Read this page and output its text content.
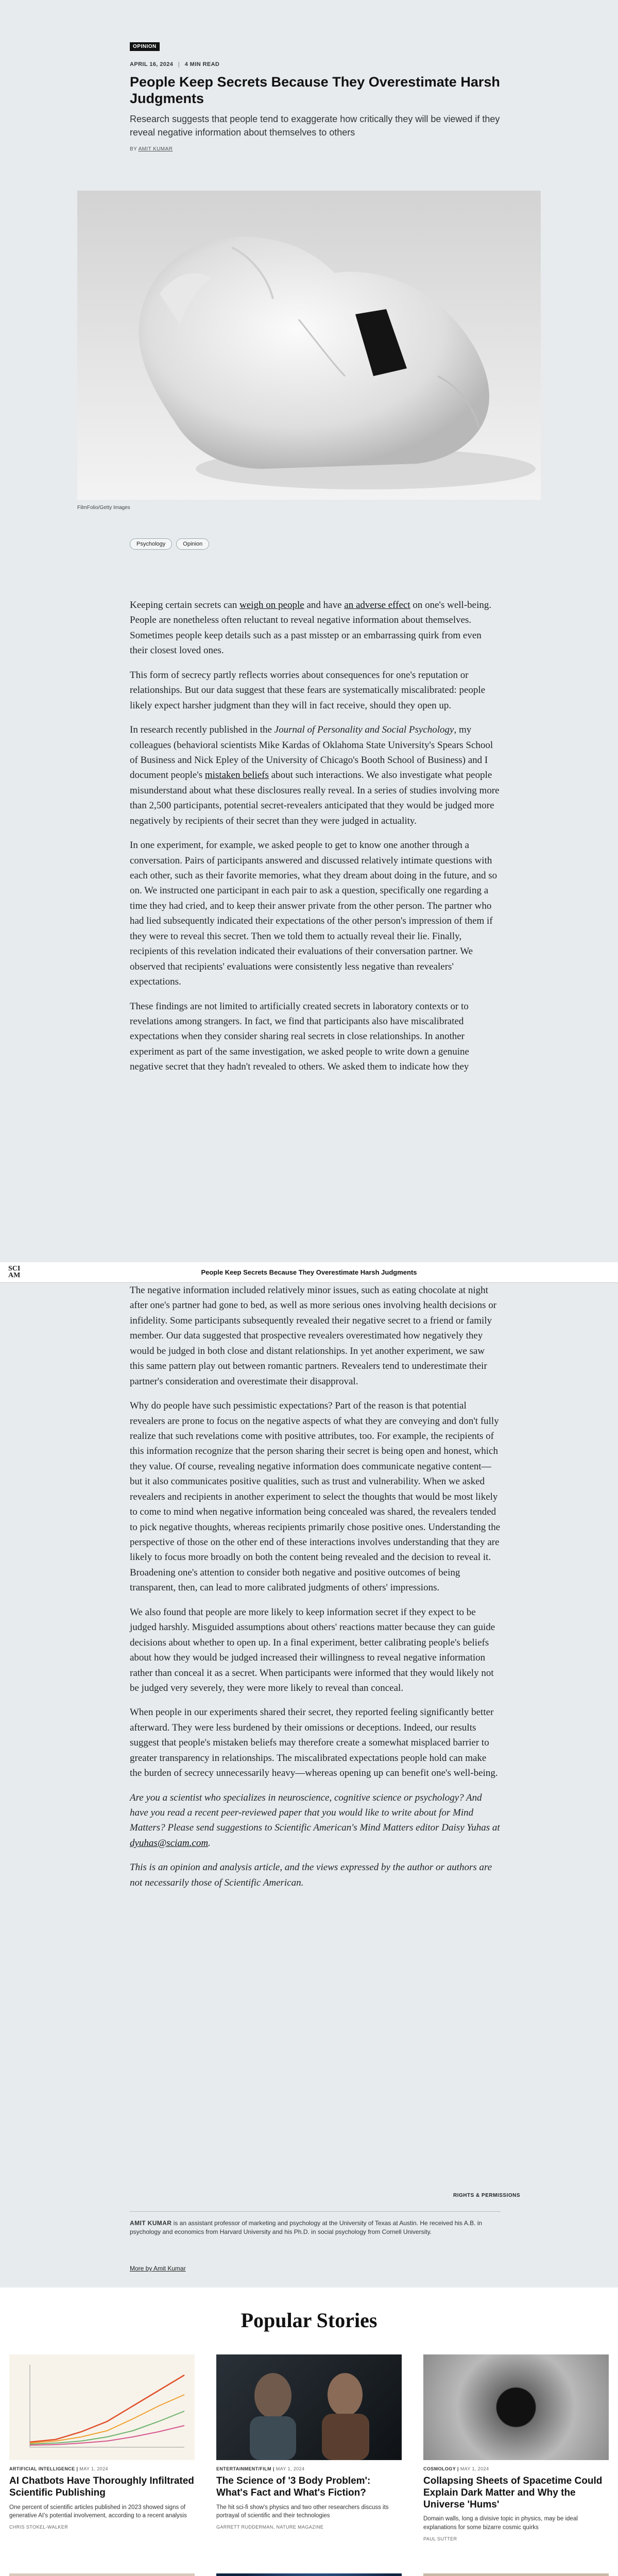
OPINION
APRIL 16, 2024 | 4 MIN READ
People Keep Secrets Because They Overestimate Harsh Judgments
Research suggests that people tend to exaggerate how critically they will be viewed if they reveal negative information about themselves to others
BY AMIT KUMAR
FilmFolio/Getty Images
Psychology	Opinion

Keeping certain secrets can weigh on people and have an adverse effect on one's well-being. People are nonetheless often reluctant to reveal negative information about themselves. Sometimes people keep details such as a past misstep or an embarrassing quirk from even their closest loved ones.

This form of secrecy partly reflects worries about consequences for one's reputation or relationships. But our data suggest that these fears are systematically miscalibrated: people likely expect harsher judgment than they will in fact receive, should they open up.

In research recently published in the Journal of Personality and Social Psychology, my colleagues (behavioral scientists Mike Kardas of Oklahoma State University's Spears School of Business and Nick Epley of the University of Chicago's Booth School of Business) and I document people's mistaken beliefs about such interactions. We also investigate what people misunderstand about what these disclosures really reveal. In a series of studies involving more than 2,500 participants, potential secret-revealers anticipated that they would be judged more negatively by recipients of their secret than they were judged in actuality.

In one experiment, for example, we asked people to get to know one another through a conversation. Pairs of participants answered and discussed relatively intimate questions with each other, such as their favorite memories, what they dream about doing in the future, and so on. We instructed one participant in each pair to ask a question, specifically one regarding a time they had cried, and to keep their answer private from the other person. The partner who had lied subsequently indicated their expectations of the other person's impression of them if they were to reveal this secret. Then we told them to actually reveal their lie. Finally, recipients of this revelation indicated their evaluations of their conversation partner. We observed that recipients' evaluations were consistently less negative than revealers' expectations.

These findings are not limited to artificially created secrets in laboratory contexts or to revelations among strangers. In fact, we find that participants also have miscalibrated expectations when they consider sharing real secrets in close relationships. In another experiment as part of the same investigation, we asked people to write down a genuine negative secret that they hadn't revealed to others. We asked them to indicate how they

SCI AM	People Keep Secrets Because They Overestimate Harsh Judgments

The negative information included relatively minor issues, such as eating chocolate at night after one's partner had gone to bed, as well as more serious ones involving health decisions or infidelity. Some participants subsequently revealed their negative secret to a friend or family member. Our data suggested that prospective revealers overestimated how negatively they would be judged in both close and distant relationships. In yet another experiment, we saw this same pattern play out between romantic partners. Revealers tend to underestimate their partner's consideration and overestimate their disapproval.

Why do people have such pessimistic expectations? Part of the reason is that potential revealers are prone to focus on the negative aspects of what they are conveying and don't fully realize that such revelations come with positive attributes, too. For example, the recipients of this information recognize that the person sharing their secret is being open and honest, which they value. Of course, revealing negative information does communicate negative content—but it also communicates positive qualities, such as trust and vulnerability. When we asked revealers and recipients in another experiment to select the thoughts that would be most likely to come to mind when negative information being concealed was shared, the revealers tended to pick negative thoughts, whereas recipients primarily chose positive ones. Understanding the perspective of those on the other end of these interactions involves understanding that they are likely to focus more broadly on both the content being revealed and the decision to reveal it. Broadening one's attention to consider both negative and positive outcomes of being transparent, then, can lead to more calibrated judgments of others' impressions.

We also found that people are more likely to keep information secret if they expect to be judged harshly. Misguided assumptions about others' reactions matter because they can guide decisions about whether to open up. In a final experiment, better calibrating people's beliefs about how they would be judged increased their willingness to reveal negative information rather than conceal it as a secret. When participants were informed that they would likely not be judged very severely, they were more likely to reveal than conceal.

When people in our experiments shared their secret, they reported feeling significantly better afterward. They were less burdened by their omissions or deceptions. Indeed, our results suggest that people's mistaken beliefs may therefore create a somewhat misplaced barrier to greater transparency in relationships. The miscalibrated expectations people hold can make the burden of secrecy unnecessarily heavy—whereas opening up can benefit one's well-being.

Are you a scientist who specializes in neuroscience, cognitive science or psychology? And have you read a recent peer-reviewed paper that you would like to write about for Mind Matters? Please send suggestions to Scientific American's Mind Matters editor Daisy Yuhas at dyuhas@sciam.com.

This is an opinion and analysis article, and the views expressed by the author or authors are not necessarily those of Scientific American.

RIGHTS & PERMISSIONS
AMIT KUMAR is an assistant professor of marketing and psychology at the University of Texas at Austin. He received his A.B. in psychology and economics from Harvard University and his Ph.D. in social psychology from Cornell University.
More by Amit Kumar
Popular Stories
ARTIFICIAL INTELLIGENCE | MAY 1, 2024
AI Chatbots Have Thoroughly Infiltrated Scientific Publishing
One percent of scientific articles published in 2023 showed signs of generative AI's potential involvement, according to a recent analysis
CHRIS STOKEL-WALKER
ENTERTAINMENT/FILM | MAY 1, 2024
The Science of '3 Body Problem': What's Fact and What's Fiction?
The hit sci-fi show's physics and two other researchers discuss its portrayal of scientific and their technologies
GARRETT RUDDERMAN, NATURE MAGAZINE
COSMOLOGY | MAY 1, 2024
Collapsing Sheets of Spacetime Could Explain Dark Matter and Why the Universe 'Hums'
Domain walls, long a divisive topic in physics, may be ideal explanations for some bizarre cosmic quirks
PAUL SUTTER
